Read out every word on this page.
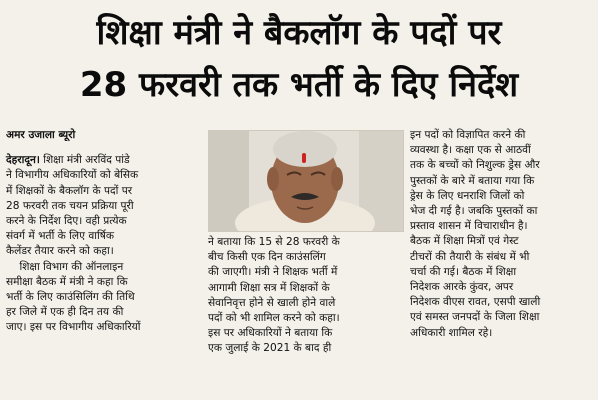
शिक्षा मंत्री ने बैकलॉग के पदों पर
28 फरवरी तक भर्ती के दिए निर्देश

अमर उजाला ब्यूरो

देहरादून। शिक्षा मंत्री अरविंद पांडे

ने विभागीय अधिकारियों को बेसिक

में शिक्षकों के बैकलॉग के पदों पर

28 फरवरी तक चयन प्रक्रिया पूरी

करने के निर्देश दिए। वही प्रत्येक

संवर्ग में भर्ती के लिए वार्षिक

कैलेंडर तैयार करने को कहा।

शिक्षा विभाग की ऑनलाइन

समीक्षा बैठक में मंत्री ने कहा कि

भर्ती के लिए काउंसिलिंग की तिथि

हर जिले में एक ही दिन तय की

जाए। इस पर विभागीय अधिकारियों

ने बताया कि 15 से 28 फरवरी के

बीच किसी एक दिन काउंसलिंग

की जाएगी। मंत्री ने शिक्षक भर्ती में

आगामी शिक्षा सत्र में शिक्षकों के

सेवानिवृत्त होने से खाली होने वाले

पदों को भी शामिल करने को कहा।

इस पर अधिकारियों ने बताया कि

एक जुलाई के 2021 के बाद ही

इन पदों को विज्ञापित करने की

व्यवस्था है। कक्षा एक से आठवीं

तक के बच्चों को निशुल्क ड्रेस और

पुस्तकों के बारे में बताया गया कि

ड्रेस के लिए धनराशि जिलों को

भेज दी गई है। जबकि पुस्तकों का

प्रस्ताव शासन में विचाराधीन है।

बैठक में शिक्षा मित्रों एवं गेस्ट

टीचरों की तैयारी के संबंध में भी

चर्चा की गई। बैठक में शिक्षा

निदेशक आरके कुंवर, अपर

निदेशक वीएस रावत, एसपी खाली

एवं समस्त जनपदों के जिला शिक्षा

अधिकारी शामिल रहे।
